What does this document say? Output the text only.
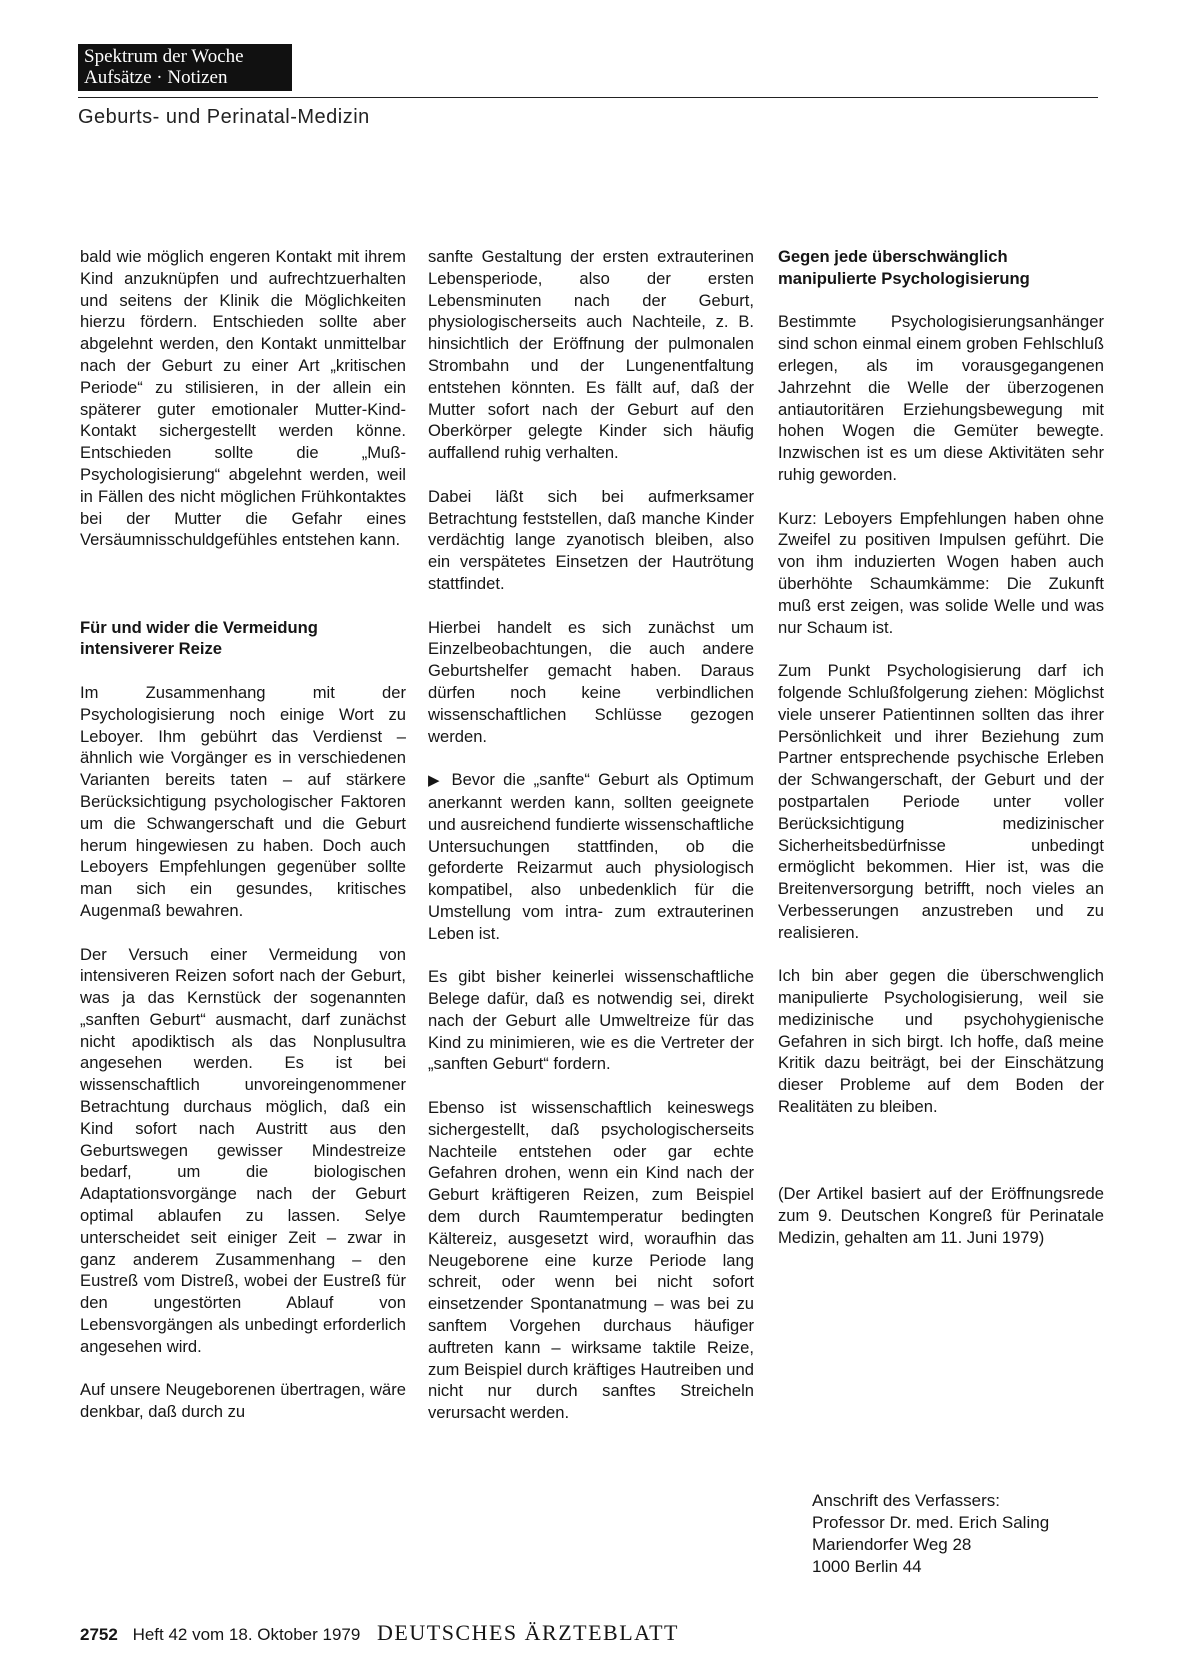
Spektrum der Woche
Aufsätze · Notizen
Geburts- und Perinatal-Medizin

bald wie möglich engeren Kontakt mit ihrem Kind anzuknüpfen und aufrechtzuerhalten und seitens der Klinik die Möglichkeiten hierzu fördern. Entschieden sollte aber abgelehnt werden, den Kontakt unmittelbar nach der Geburt zu einer Art „kritischen Periode“ zu stilisieren, in der allein ein späterer guter emotionaler Mutter-Kind-Kontakt sichergestellt werden könne. Entschieden sollte die „Muß-Psychologisierung“ abgelehnt werden, weil in Fällen des nicht möglichen Frühkontaktes bei der Mutter die Gefahr eines Versäumnisschuldgefühles entstehen kann.

Für und wider die Vermeidung intensiverer Reize

Im Zusammenhang mit der Psychologisierung noch einige Wort zu Leboyer. Ihm gebührt das Verdienst – ähnlich wie Vorgänger es in verschiedenen Varianten bereits taten – auf stärkere Berücksichtigung psychologischer Faktoren um die Schwangerschaft und die Geburt herum hingewiesen zu haben. Doch auch Leboyers Empfehlungen gegenüber sollte man sich ein gesundes, kritisches Augenmaß bewahren.

Der Versuch einer Vermeidung von intensiveren Reizen sofort nach der Geburt, was ja das Kernstück der sogenannten „sanften Geburt“ ausmacht, darf zunächst nicht apodiktisch als das Nonplusultra angesehen werden. Es ist bei wissenschaftlich unvoreingenommener Betrachtung durchaus möglich, daß ein Kind sofort nach Austritt aus den Geburtswegen gewisser Mindestreize bedarf, um die biologischen Adaptationsvorgänge nach der Geburt optimal ablaufen zu lassen. Selye unterscheidet seit einiger Zeit – zwar in ganz anderem Zusammenhang – den Eustreß vom Distreß, wobei der Eustreß für den ungestörten Ablauf von Lebensvorgängen als unbedingt erforderlich angesehen wird.

Auf unsere Neugeborenen übertragen, wäre denkbar, daß durch zu

sanfte Gestaltung der ersten extrauterinen Lebensperiode, also der ersten Lebensminuten nach der Geburt, physiologischerseits auch Nachteile, z. B. hinsichtlich der Eröffnung der pulmonalen Strombahn und der Lungenentfaltung entstehen könnten. Es fällt auf, daß der Mutter sofort nach der Geburt auf den Oberkörper gelegte Kinder sich häufig auffallend ruhig verhalten.

Dabei läßt sich bei aufmerksamer Betrachtung feststellen, daß manche Kinder verdächtig lange zyanotisch bleiben, also ein verspätetes Einsetzen der Hautrötung stattfindet.

Hierbei handelt es sich zunächst um Einzelbeobachtungen, die auch andere Geburtshelfer gemacht haben. Daraus dürfen noch keine verbindlichen wissenschaftlichen Schlüsse gezogen werden.

▶ Bevor die „sanfte“ Geburt als Optimum anerkannt werden kann, sollten geeignete und ausreichend fundierte wissenschaftliche Untersuchungen stattfinden, ob die geforderte Reizarmut auch physiologisch kompatibel, also unbedenklich für die Umstellung vom intra- zum extrauterinen Leben ist.

Es gibt bisher keinerlei wissenschaftliche Belege dafür, daß es notwendig sei, direkt nach der Geburt alle Umweltreize für das Kind zu minimieren, wie es die Vertreter der „sanften Geburt“ fordern.

Ebenso ist wissenschaftlich keineswegs sichergestellt, daß psychologischerseits Nachteile entstehen oder gar echte Gefahren drohen, wenn ein Kind nach der Geburt kräftigeren Reizen, zum Beispiel dem durch Raumtemperatur bedingten Kältereiz, ausgesetzt wird, woraufhin das Neugeborene eine kurze Periode lang schreit, oder wenn bei nicht sofort einsetzender Spontanatmung – was bei zu sanftem Vorgehen durchaus häufiger auftreten kann – wirksame taktile Reize, zum Beispiel durch kräftiges Hautreiben und nicht nur durch sanftes Streicheln verursacht werden.

Gegen jede überschwänglich manipulierte Psychologisierung

Bestimmte Psychologisierungsanhänger sind schon einmal einem groben Fehlschluß erlegen, als im vorausgegangenen Jahrzehnt die Welle der überzogenen antiautoritären Erziehungsbewegung mit hohen Wogen die Gemüter bewegte. Inzwischen ist es um diese Aktivitäten sehr ruhig geworden.

Kurz: Leboyers Empfehlungen haben ohne Zweifel zu positiven Impulsen geführt. Die von ihm induzierten Wogen haben auch überhöhte Schaumkämme: Die Zukunft muß erst zeigen, was solide Welle und was nur Schaum ist.

Zum Punkt Psychologisierung darf ich folgende Schlußfolgerung ziehen: Möglichst viele unserer Patientinnen sollten das ihrer Persönlichkeit und ihrer Beziehung zum Partner entsprechende psychische Erleben der Schwangerschaft, der Geburt und der postpartalen Periode unter voller Berücksichtigung medizinischer Sicherheitsbedürfnisse unbedingt ermöglicht bekommen. Hier ist, was die Breitenversorgung betrifft, noch vieles an Verbesserungen anzustreben und zu realisieren.

Ich bin aber gegen die überschwenglich manipulierte Psychologisierung, weil sie medizinische und psychohygienische Gefahren in sich birgt. Ich hoffe, daß meine Kritik dazu beiträgt, bei der Einschätzung dieser Probleme auf dem Boden der Realitäten zu bleiben.

(Der Artikel basiert auf der Eröffnungsrede zum 9. Deutschen Kongreß für Perinatale Medizin, gehalten am 11. Juni 1979)

Anschrift des Verfassers:
Professor Dr. med. Erich Saling
Mariendorfer Weg 28
1000 Berlin 44
2752 Heft 42 vom 18. Oktober 1979 DEUTSCHES ÄRZTEBLATT
